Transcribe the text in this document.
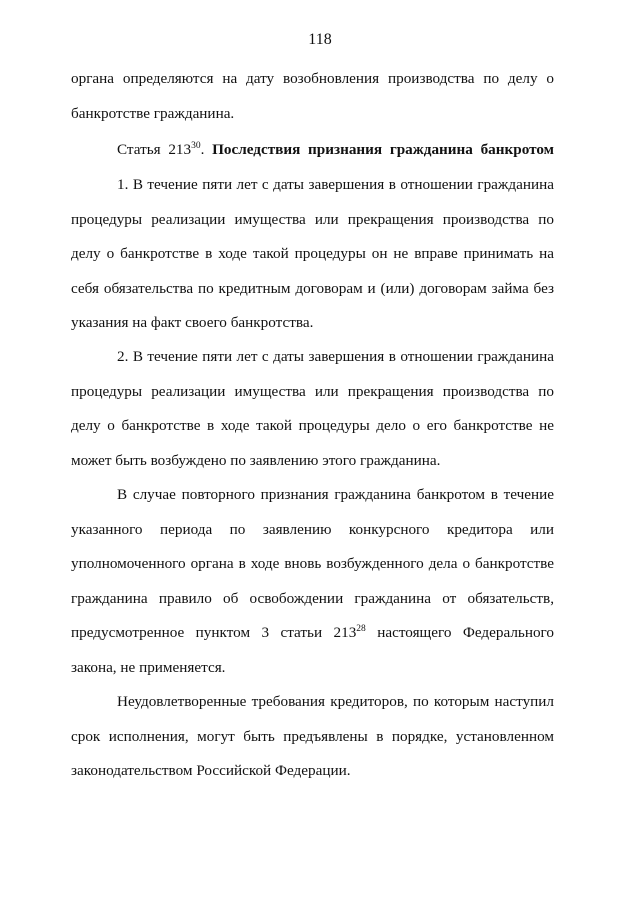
118

органа определяются на дату возобновления производства по делу о банкротстве гражданина.

Статья $213^{30}$. Последствия признания гражданина банкротом

1. В течение пяти лет с даты завершения в отношении гражданина процедуры реализации имущества или прекращения производства по делу о банкротстве в ходе такой процедуры он не вправе принимать на себя обязательства по кредитным договорам и (или) договорам займа без указания на факт своего банкротства.

2. В течение пяти лет с даты завершения в отношении гражданина процедуры реализации имущества или прекращения производства по делу о банкротстве в ходе такой процедуры дело о его банкротстве не может быть возбуждено по заявлению этого гражданина.

В случае повторного признания гражданина банкротом в течение указанного периода по заявлению конкурсного кредитора или уполномоченного органа в ходе вновь возбужденного дела о банкротстве гражданина правило об освобождении гражданина от обязательств, предусмотренное пунктом 3 статьи $213^{28}$ настоящего Федерального закона, не применяется.

Неудовлетворенные требования кредиторов, по которым наступил срок исполнения, могут быть предъявлены в порядке, установленном законодательством Российской Федерации.
